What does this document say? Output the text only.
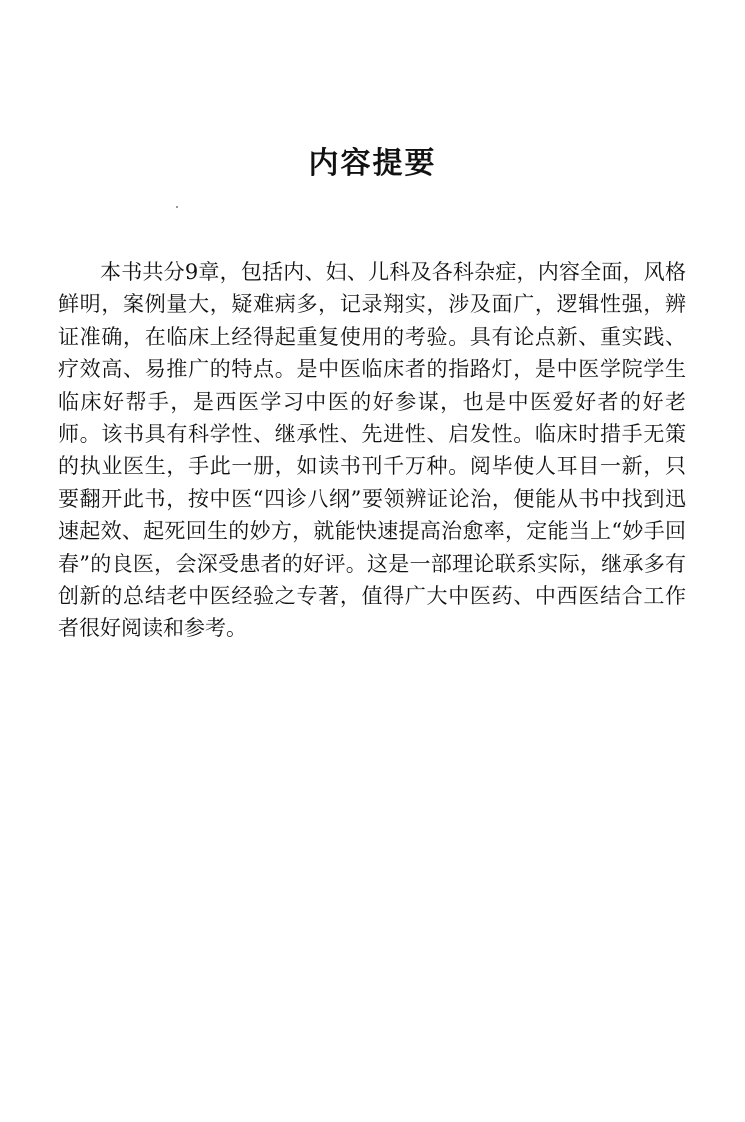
内容提要

本书共分9章，包括内、妇、儿科及各科杂症，内容全面，风格鲜明，案例量大，疑难病多，记录翔实，涉及面广，逻辑性强，辨证准确，在临床上经得起重复使用的考验。具有论点新、重实践、疗效高、易推广的特点。是中医临床者的指路灯，是中医学院学生临床好帮手，是西医学习中医的好参谋，也是中医爱好者的好老师。该书具有科学性、继承性、先进性、启发性。临床时措手无策的执业医生，手此一册，如读书刊千万种。阅毕使人耳目一新，只要翻开此书，按中医“四诊八纲”要领辨证论治，便能从书中找到迅速起效、起死回生的妙方，就能快速提高治愈率，定能当上“妙手回春”的良医，会深受患者的好评。这是一部理论联系实际，继承多有创新的总结老中医经验之专著，值得广大中医药、中西医结合工作者很好阅读和参考。
